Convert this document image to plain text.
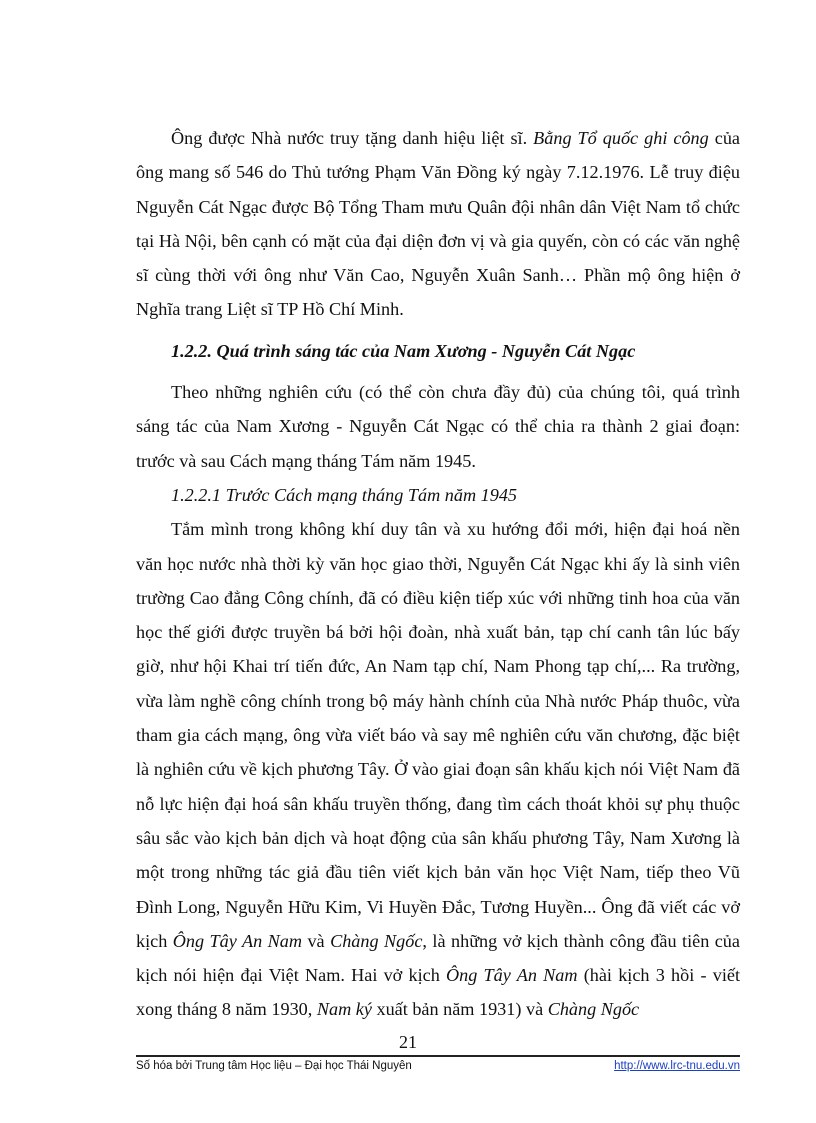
Ông được Nhà nước truy tặng danh hiệu liệt sĩ. Bằng Tổ quốc ghi công của ông mang số 546 do Thủ tướng Phạm Văn Đồng ký ngày 7.12.1976. Lễ truy điệu Nguyễn Cát Ngạc được Bộ Tổng Tham mưu Quân đội nhân dân Việt Nam tổ chức tại Hà Nội, bên cạnh có mặt của đại diện đơn vị và gia quyến, còn có các văn nghệ sĩ cùng thời với ông như Văn Cao, Nguyễn Xuân Sanh… Phần mộ ông hiện ở Nghĩa trang Liệt sĩ TP Hồ Chí Minh.

1.2.2. Quá trình sáng tác của Nam Xương - Nguyễn Cát Ngạc

Theo những nghiên cứu (có thể còn chưa đầy đủ) của chúng tôi, quá trình sáng tác của Nam Xương - Nguyễn Cát Ngạc có thể chia ra thành 2 giai đoạn: trước và sau Cách mạng tháng Tám năm 1945.

1.2.2.1 Trước Cách mạng tháng Tám năm 1945

Tắm mình trong không khí duy tân và xu hướng đổi mới, hiện đại hoá nền văn học nước nhà thời kỳ văn học giao thời, Nguyễn Cát Ngạc khi ấy là sinh viên trường Cao đẳng Công chính, đã có điều kiện tiếp xúc với những tinh hoa của văn học thế giới được truyền bá bởi hội đoàn, nhà xuất bản, tạp chí canh tân lúc bấy giờ, như hội Khai trí tiến đức, An Nam tạp chí, Nam Phong tạp chí,... Ra trường, vừa làm nghề công chính trong bộ máy hành chính của Nhà nước Pháp thuôc, vừa tham gia cách mạng, ông vừa viết báo và say mê nghiên cứu văn chương, đặc biệt là nghiên cứu về kịch phương Tây. Ở vào giai đoạn sân khấu kịch nói Việt Nam đã nỗ lực hiện đại hoá sân khấu truyền thống, đang tìm cách thoát khỏi sự phụ thuộc sâu sắc vào kịch bản dịch và hoạt động của sân khấu phương Tây, Nam Xương là một trong những tác giả đầu tiên viết kịch bản văn học Việt Nam, tiếp theo Vũ Đình Long, Nguyễn Hữu Kim, Vi Huyền Đắc, Tương Huyền... Ông đã viết các vở kịch Ông Tây An Nam và Chàng Ngốc, là những vở kịch thành công đầu tiên của kịch nói hiện đại Việt Nam. Hai vở kịch Ông Tây An Nam (hài kịch 3 hồi - viết xong tháng 8 năm 1930, Nam ký xuất bản năm 1931) và Chàng Ngốc

21
Số hóa bởi Trung tâm Học liệu – Đại học Thái Nguyên	http://www.lrc-tnu.edu.vn
